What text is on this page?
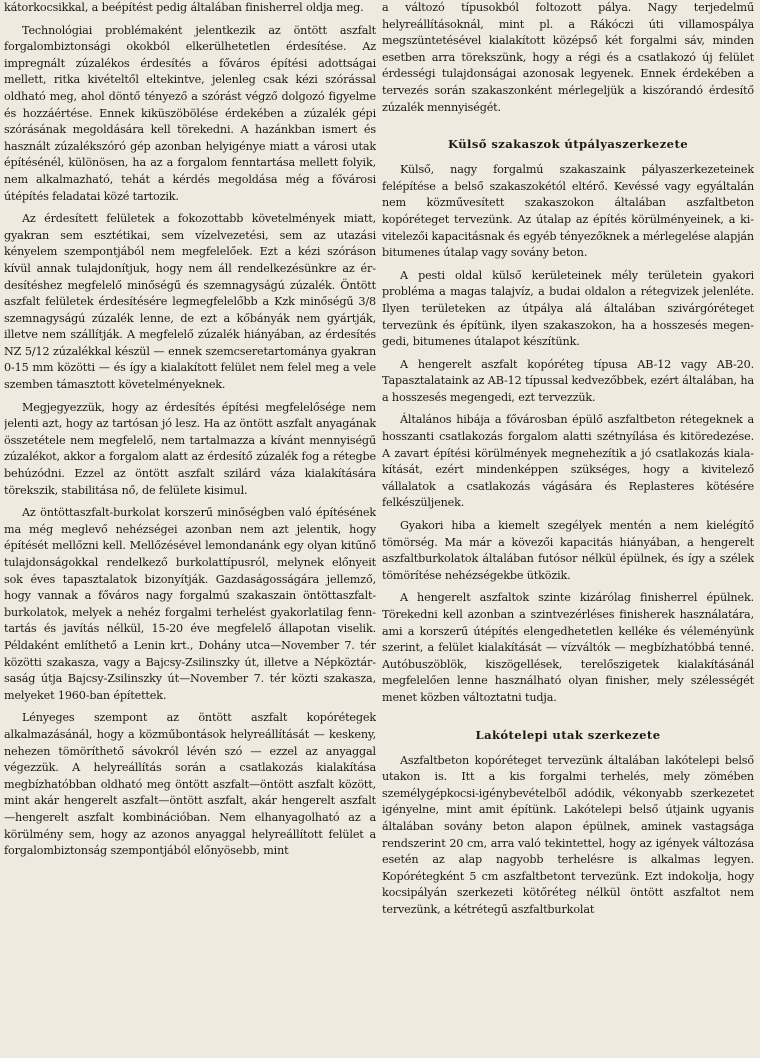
kátorkocsikkal, a beépítést pedig általában finisherrel oldja meg.

Technológiai problémaként jelentkezik az öntött aszfalt forgalombiztonsági okokból elkerülhetetlen érdesítése. Az impregnált zúzalékos érdesítés a főváros építési adottságai mellett, ritka kivételtől eltekintve, jelenleg csak kézi szórással oldható meg, ahol döntő tényező a szórást végző dolgozó figyelme és hozzáértése. Ennek kiküszöbölése érdekében a zúzalék gépi szórásának megoldására kell törekedni. A hazánkban ismert és használt zúzalékszóró gép azonban helyigénye miatt a városi utak építésénél, különösen, ha az a forgalom fenntartása mellett folyik, nem alkalmazható, tehát a kérdés megoldása még a fővárosi útépítés feladatai közé tartozik.

Az érdesített felületek a fokozottabb követelmények miatt, gyakran sem esztétikai, sem vízelvezetési, sem az utazási kényelem szempontjából nem megfelelőek. Ezt a kézi szóráson kívül annak tulajdonítjuk, hogy nem áll rendelkezésünkre az érdesítéshez megfelelő minőségű és szemnagyságú zúzalék. Öntött aszfalt felületek érdesítésére legmegfelelőbb a Kzk minőségű 3/8 szemnagyságú zúzalék lenne, de ezt a kőbányák nem gyártják, illetve nem szállítják. A megfelelő zúzalék hiányában, az érdesítés NZ 5/12 zúzalékkal készül — ennek szemcseretartománya gyakran 0-15 mm közötti — és így a kialakított felület nem felel meg a vele szemben támasztott követelményeknek.

Megjegyezzük, hogy az érdesítés építési megfelelősége nem jelenti azt, hogy az tartósan jó lesz. Ha az öntött aszfalt anyagának összetétele nem megfelelő, nem tartalmazza a kívánt mennyiségű zúzalékot, akkor a forgalom alatt az érdesítő zúzalék fog a rétegbe behúzódni. Ezzel az öntött aszfalt szilárd váza kialakítására törekszik, stabilitása nő, de felülete kisimul.

Az öntöttaszfalt-burkolat korszerű minőségben való építésének ma még meglevő nehézségei azonban nem azt jelentik, hogy építését mellőzni kell. Mellőzésével lemondanánk egy olyan kitűnő tulajdonságokkal rendelkező burkolattípusról, melynek előnyeit sok éves tapasztalatok bizonyítják. Gazdaságosságára jellemző, hogy vannak a főváros nagy forgalmú szakaszain öntöttaszfalt-burkolatok, melyek a nehéz forgalmi terhelést gyakorlatilag fenntartás és javítás nélkül, 15-20 éve megfelelő állapotan viselik. Példaként említhető a Lenin krt., Dohány utca—November 7. tér közötti szakasza, vagy a Bajcsy-Zsilinszky út, illetve a Népköztársaság útja Bajcsy-Zsilinszky út—November 7. tér közti szakasza, melyeket 1960-ban építettek.

Lényeges szempont az öntött aszfalt kopórétegek alkalmazásánál, hogy a közműbontások helyreállítását — keskeny, nehezen tömöríthető sávokról lévén szó — ezzel az anyaggal végezzük. A helyreállítás során a csatlakozás kialakítása megbízhatóbban oldható meg öntött aszfalt—öntött aszfalt között, mint akár hengerelt aszfalt—öntött aszfalt, akár hengerelt aszfalt—hengerelt aszfalt kombinációban. Nem elhanyagolható az a körülmény sem, hogy az azonos anyaggal helyreállított felület a forgalombiztonság szempontjából előnyösebb, mint

a változó típusokból foltozott pálya. Nagy terjedelmű helyreállításoknál, mint pl. a Rákóczi úti villamospálya megszüntetésével kialakított középső két forgalmi sáv, minden esetben arra törekszünk, hogy a régi és a csatlakozó új felület érdességi tulajdonságai azonosak legyenek. Ennek érdekében a tervezés során szakaszonként mérlegeljük a kiszórandó érdesítő zúzalék mennyiségét.

Külső szakaszok útpályaszerkezete

Külső, nagy forgalmú szakaszaink pályaszerkezeteinek felépítése a belső szakaszokétól eltérő. Kevéssé vagy egyáltalán nem közművesített szakaszokon általában aszfaltbeton kopóréteget tervezünk. Az útalap az építés körülményeinek, a kivitelezői kapacitásnak és egyéb tényezőknek a mérlegelése alapján bitumenes útalap vagy sovány beton.

A pesti oldal külső kerületeinek mély területein gyakori probléma a magas talajvíz, a budai oldalon a rétegvizek jelenléte. Ilyen területeken az útpálya alá általában szivárgóréteget tervezünk és építünk, ilyen szakaszokon, ha a hosszesés megengedi, bitumenes útalapot készítünk.

A hengerelt aszfalt kopóréteg típusa AB-12 vagy AB-20. Tapasztalataink az AB-12 típussal kedvezőbbek, ezért általában, ha a hosszesés megengedi, ezt tervezzük.

Általános hibája a fővárosban épülő aszfaltbeton rétegeknek a hosszanti csatlakozás forgalom alatti szétnyílása és kitöredezése. A zavart építési körülmények megnehezítik a jó csatlakozás kialakítását, ezért mindenképpen szükséges, hogy a kivitelező vállalatok a csatlakozás vágására és Replasteres kötésére felkészüljenek.

Gyakori hiba a kiemelt szegélyek mentén a nem kielégítő tömörség. Ma már a kövezői kapacitás hiányában, a hengerelt aszfaltburkolatok általában futósor nélkül épülnek, és így a szélek tömörítése nehézségekbe ütközik.

A hengerelt aszfaltok szinte kizárólag finisherrel épülnek. Törekedni kell azonban a szintvezérléses finisherek használatára, ami a korszerű útépítés elengedhetetlen kelléke és véleményünk szerint, a felület kialakítását — vízváltók — megbízhatóbbá tenné. Autóbuszöblök, kiszögellések, terelőszigetek kialakításánál megfelelően lenne használható olyan finisher, mely szélességét menet közben változtatni tudja.

Lakótelepi utak szerkezete

Aszfaltbeton kopóréteget tervezünk általában lakótelepi belső utakon is. Itt a kis forgalmi terhelés, mely zömében személygépkocsi-igénybevételből adódik, vékonyabb szerkezetet igényelne, mint amit építünk. Lakótelepi belső útjaink ugyanis általában sovány beton alapon épülnek, aminek vastagsága rendszerint 20 cm, arra való tekintettel, hogy az igények változása esetén az alap nagyobb terhelésre is alkalmas legyen. Kopórétegként 5 cm aszfaltbetont tervezünk. Ezt indokolja, hogy kocsipályán szerkezeti kötőréteg nélkül öntött aszfaltot nem tervezünk, a kétrétegű aszfaltburkolat
